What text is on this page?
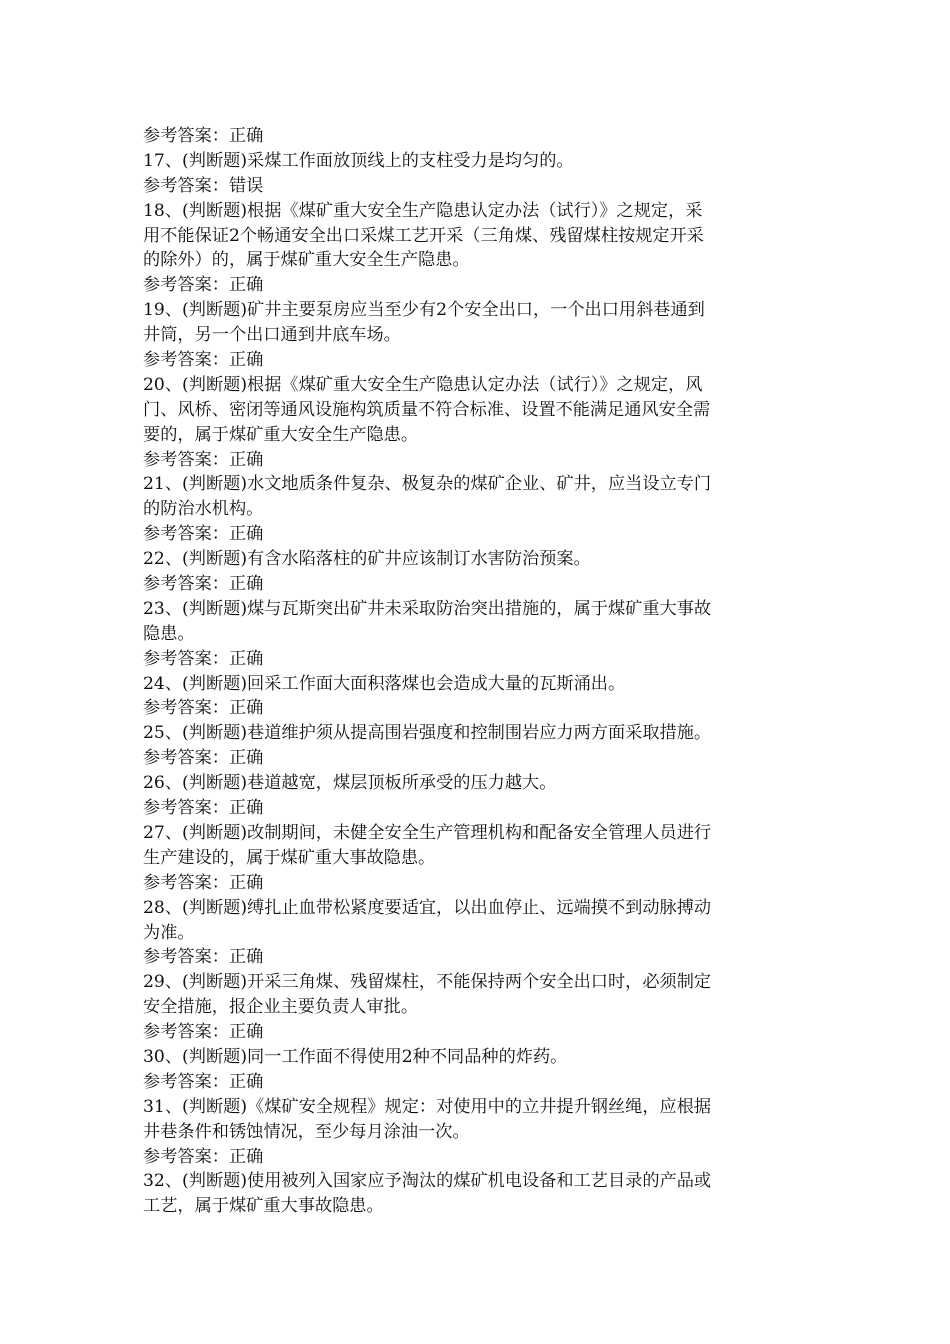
参考答案：正确
17、(判断题)采煤工作面放顶线上的支柱受力是均匀的。
参考答案：错误
18、(判断题)根据《煤矿重大安全生产隐患认定办法（试行）》之规定，采
用不能保证2个畅通安全出口采煤工艺开采（三角煤、残留煤柱按规定开采
的除外）的，属于煤矿重大安全生产隐患。
参考答案：正确
19、(判断题)矿井主要泵房应当至少有2个安全出口，一个出口用斜巷通到
井筒，另一个出口通到井底车场。
参考答案：正确
20、(判断题)根据《煤矿重大安全生产隐患认定办法（试行）》之规定，风
门、风桥、密闭等通风设施构筑质量不符合标准、设置不能满足通风安全需
要的，属于煤矿重大安全生产隐患。
参考答案：正确
21、(判断题)水文地质条件复杂、极复杂的煤矿企业、矿井，应当设立专门
的防治水机构。
参考答案：正确
22、(判断题)有含水陷落柱的矿井应该制订水害防治预案。
参考答案：正确
23、(判断题)煤与瓦斯突出矿井未采取防治突出措施的，属于煤矿重大事故
隐患。
参考答案：正确
24、(判断题)回采工作面大面积落煤也会造成大量的瓦斯涌出。
参考答案：正确
25、(判断题)巷道维护须从提高围岩强度和控制围岩应力两方面采取措施。
参考答案：正确
26、(判断题)巷道越宽，煤层顶板所承受的压力越大。
参考答案：正确
27、(判断题)改制期间，未健全安全生产管理机构和配备安全管理人员进行
生产建设的，属于煤矿重大事故隐患。
参考答案：正确
28、(判断题)缚扎止血带松紧度要适宜，以出血停止、远端摸不到动脉搏动
为准。
参考答案：正确
29、(判断题)开采三角煤、残留煤柱，不能保持两个安全出口时，必须制定
安全措施，报企业主要负责人审批。
参考答案：正确
30、(判断题)同一工作面不得使用2种不同品种的炸药。
参考答案：正确
31、(判断题)《煤矿安全规程》规定：对使用中的立井提升钢丝绳，应根据
井巷条件和锈蚀情况，至少每月涂油一次。
参考答案：正确
32、(判断题)使用被列入国家应予淘汰的煤矿机电设备和工艺目录的产品或
工艺，属于煤矿重大事故隐患。
